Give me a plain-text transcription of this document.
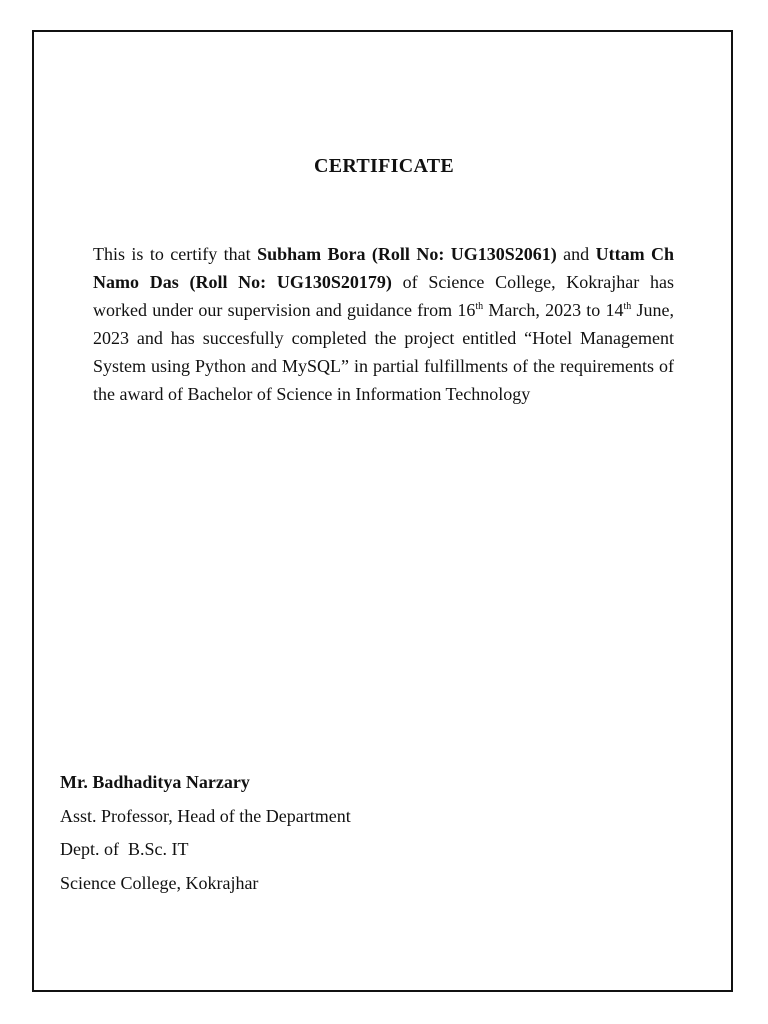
CERTIFICATE
This is to certify that Subham Bora (Roll No: UG130S2061) and Uttam Ch Namo Das (Roll No: UG130S20179) of Science College, Kokrajhar has worked under our supervision and guidance from 16th March, 2023 to 14th June, 2023 and has succesfully completed the project entitled “Hotel Management System using Python and MySQL” in partial fulfillments of the requirements of the award of Bachelor of Science in Information Technology
Mr. Badhaditya Narzary
Asst. Professor, Head of the Department
Dept. of  B.Sc. IT
Science College, Kokrajhar
